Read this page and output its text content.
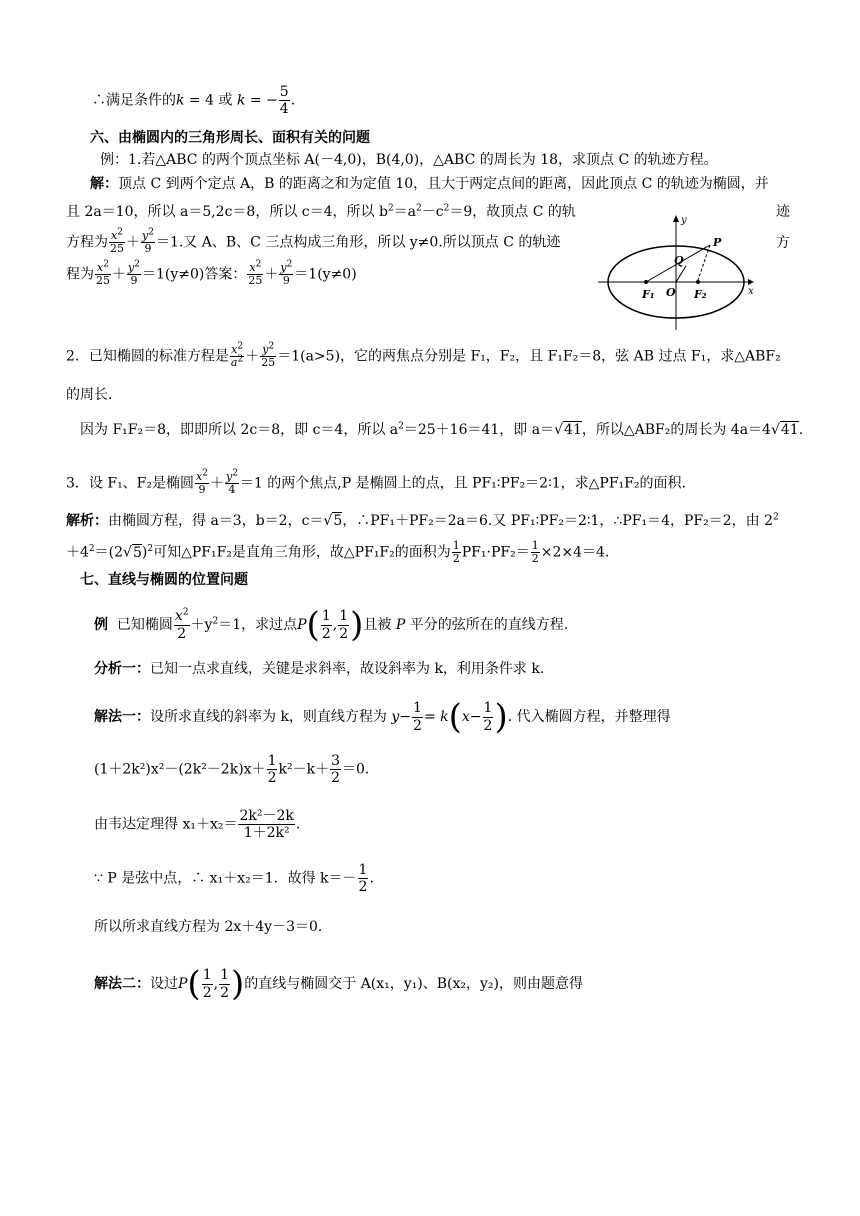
∴满足条件的k = 4 或 k = − $\frac{5}{4}$ .
六、由椭圆内的三角形周长、面积有关的问题
例：1.若△ABC 的两个顶点坐标 A(－4,0)，B(4,0)，△ABC 的周长为 18，求顶点 C 的轨迹方程。
解：顶点 C 到两个定点 A，B 的距离之和为定值 10，且大于两定点间的距离，因此顶点 C 的轨迹为椭圆，并
且 2a＝10，所以 a＝5,2c＝8，所以 c＝4，所以 $b^2=a^2-c^2=9$，故顶点 C 的轨	迹
方程为 $\frac{x^2}{25} + \frac{y^2}{9} =1$.又 A、B、C 三点构成三角形，所以 y≠0.所以顶点 C 的轨迹	方
程为 $\frac{x^2}{25} + \frac{y^2}{9} =1(y\ne 0)$答案： $\frac{x^2}{25} + \frac{y^2}{9} =1(y\ne 0)$
y
x
O
F₁	F₂
Q
P
2．已知椭圆的标准方程是 $\frac{x^2}{a^2} + \frac{y^2}{25} =1(a>5)$，它的两焦点分别是 F₁，F₂，且 F₁F₂＝8，弦 AB 过点 F₁，求△ABF₂
的周长.
因为 F₁F₂＝8，即即所以 2c＝8，即 c＝4，所以 $a^2=25+16=41$，即 a＝√41，所以△ABF₂的周长为 4a＝4√41.
3．设 F₁、F₂是椭圆 $\frac{x^2}{9} + \frac{y^2}{4} =1$ 的两个焦点,P 是椭圆上的点，且 PF₁∶PF₂＝2∶1，求△PF₁F₂的面积.
解析：由椭圆方程，得 a＝3，b＝2，c＝√5，∴PF₁＋PF₂＝2a＝6.又 PF₁∶PF₂＝2∶1，∴PF₁＝4，PF₂＝2，由 $2^2$
$+4^2=(2√5)^2$可知△PF₁F₂是直角三角形，故△PF₁F₂的面积为 $\frac{1}{2} PF_1\cdot PF_2= \frac{1}{2} \times 2\times 4=4$.
七、直线与椭圆的位置问题
例 已知椭圆 $\frac{x^2}{2} +y^2=1$，求过点$P( \frac{1}{2}$ , $\frac{1}{2}$ )且被 P 平分的弦所在的直线方程.
分析一：已知一点求直线，关键是求斜率，故设斜率为 k，利用条件求 k.
解法一：设所求直线的斜率为 k，则直线方程为 $y- \frac{1}{2} = k(x- \frac{1}{2}$ ). 代入椭圆方程，并整理得
$(1+2k^2)x^2-(2k^2-2k)x+ \frac{1}{2} k^2-k+ \frac{3}{2} =0$.
由韦达定理得 $x_1+x_2= \frac{\text{2k²－2k}}{\text{1＋2k²}}$ .
∵ P 是弦中点，∴ x₁＋x₂＝1．故得 $k=- \frac{1}{2}$ .
所以所求直线方程为 2x＋4y－3＝0.
解法二：设过$P( \frac{1}{2}$ , $\frac{1}{2}$ )的直线与椭圆交于 A(x₁，y₁)、B(x₂，y₂)，则由题意得
